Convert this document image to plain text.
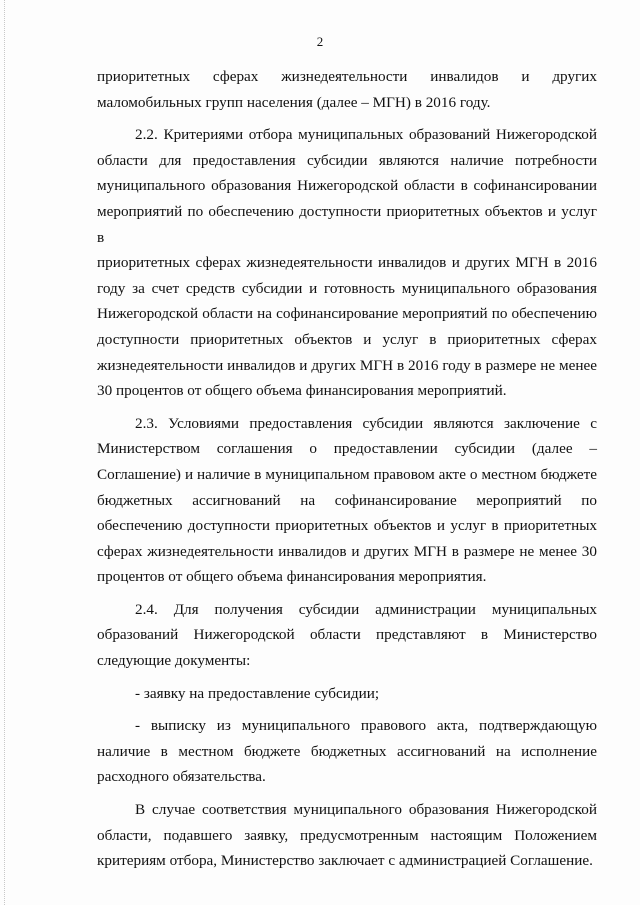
2

приоритетных сферах жизнедеятельности инвалидов и других
маломобильных групп населения (далее – МГН) в 2016 году.

2.2. Критериями отбора муниципальных образований Нижегородской
области для предоставления субсидии являются наличие потребности
муниципального образования Нижегородской области в софинансировании
мероприятий по обеспечению доступности приоритетных объектов и услуг в
приоритетных сферах жизнедеятельности инвалидов и других МГН в 2016
году за счет средств субсидии и готовность муниципального образования
Нижегородской области на софинансирование мероприятий по обеспечению
доступности приоритетных объектов и услуг в приоритетных сферах
жизнедеятельности инвалидов и других МГН в 2016 году в размере не менее
30 процентов от общего объема финансирования мероприятий.

2.3. Условиями предоставления субсидии являются заключение с
Министерством соглашения о предоставлении субсидии (далее –
Соглашение) и наличие в муниципальном правовом акте о местном бюджете
бюджетных ассигнований на софинансирование мероприятий по
обеспечению доступности приоритетных объектов и услуг в приоритетных
сферах жизнедеятельности инвалидов и других МГН в размере не менее 30
процентов от общего объема финансирования мероприятия.

2.4. Для получения субсидии администрации муниципальных
образований Нижегородской области представляют в Министерство
следующие документы:

- заявку на предоставление субсидии;

- выписку из муниципального правового акта, подтверждающую
наличие в местном бюджете бюджетных ассигнований на исполнение
расходного обязательства.

В случае соответствия муниципального образования Нижегородской
области, подавшего заявку, предусмотренным настоящим Положением
критериям отбора, Министерство заключает с администрацией Соглашение.
